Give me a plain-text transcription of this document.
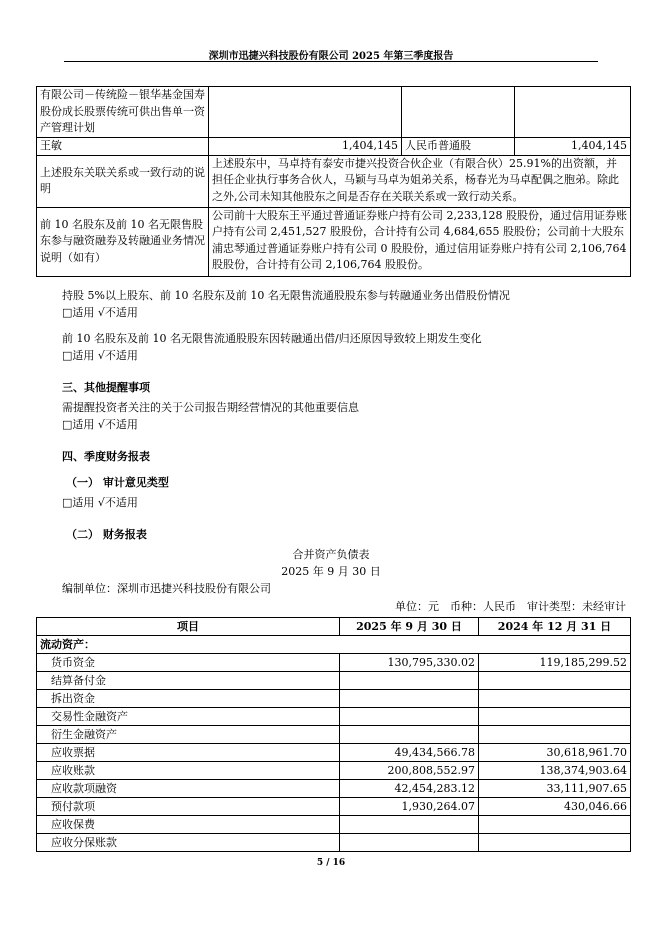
深圳市迅捷兴科技股份有限公司 2025 年第三季度报告
有限公司－传统险－银华基金国寿股份成长股票传统可供出售单一资产管理计划			
王敏	1,404,145	人民币普通股	1,404,145
上述股东关联关系或一致行动的说明	上述股东中，马卓持有泰安市捷兴投资合伙企业（有限合伙）25.91%的出资额，并担任企业执行事务合伙人，马颖与马卓为姐弟关系，杨春光为马卓配偶之胞弟。除此之外,公司未知其他股东之间是否存在关联关系或一致行动关系。		
前 10 名股东及前 10 名无限售股东参与融资融券及转融通业务情况说明（如有）	公司前十大股东王平通过普通证券账户持有公司 2,233,128 股股份，通过信用证券账户持有公司 2,451,527 股股份，合计持有公司 4,684,655 股股份；公司前十大股东浦忠琴通过普通证券账户持有公司 0 股股份，通过信用证券账户持有公司 2,106,764 股股份，合计持有公司 2,106,764 股股份。		
持股 5%以上股东、前 10 名股东及前 10 名无限售流通股股东参与转融通业务出借股份情况
□适用 √不适用
前 10 名股东及前 10 名无限售流通股股东因转融通出借/归还原因导致较上期发生变化
□适用 √不适用
三、其他提醒事项
需提醒投资者关注的关于公司报告期经营情况的其他重要信息
□适用 √不适用
四、季度财务报表
（一） 审计意见类型
□适用 √不适用
（二） 财务报表
合并资产负债表
2025 年 9 月 30 日
编制单位：深圳市迅捷兴科技股份有限公司
单位：元　币种：人民币　审计类型：未经审计
项目	2025 年 9 月 30 日	2024 年 12 月 31 日
流动资产：		
货币资金	130,795,330.02	119,185,299.52
结算备付金		
拆出资金		
交易性金融资产		
衍生金融资产		
应收票据	49,434,566.78	30,618,961.70
应收账款	200,808,552.97	138,374,903.64
应收款项融资	42,454,283.12	33,111,907.65
预付款项	1,930,264.07	430,046.66
应收保费		
应收分保账款		
5 / 16
